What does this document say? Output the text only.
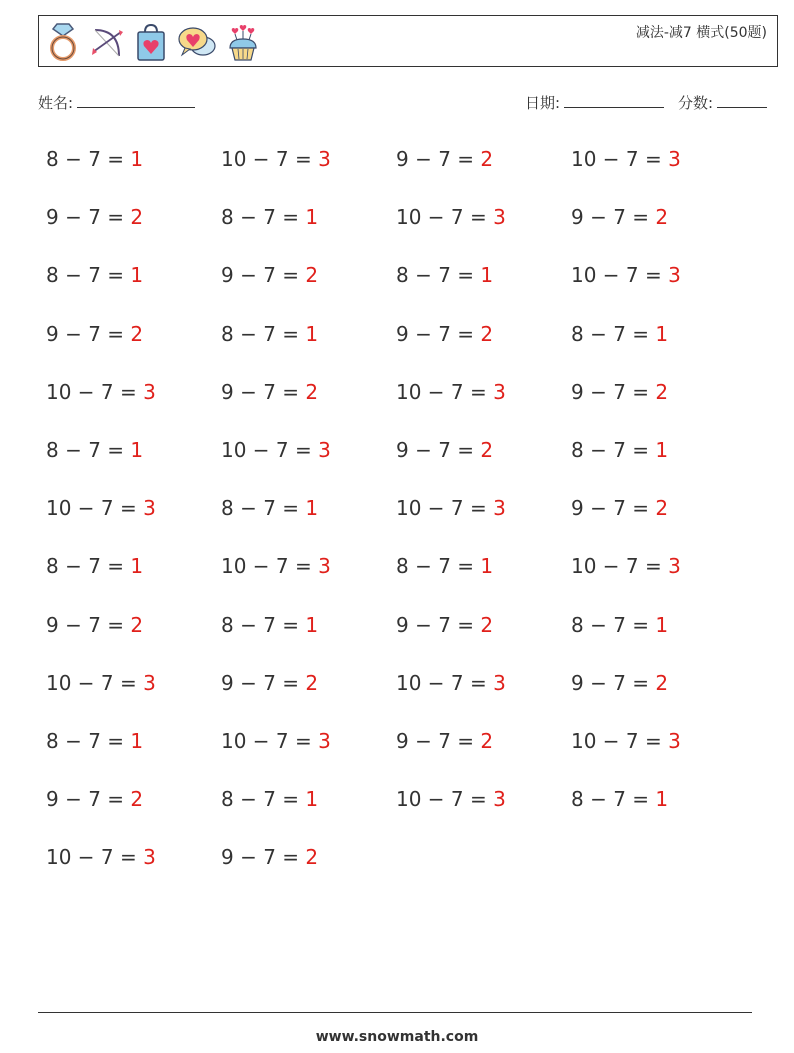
减法-减7 横式(50题)
姓名:	日期:	分数:
8 − 7 = 1	10 − 7 = 3	9 − 7 = 2	10 − 7 = 3
9 − 7 = 2	8 − 7 = 1	10 − 7 = 3	9 − 7 = 2
8 − 7 = 1	9 − 7 = 2	8 − 7 = 1	10 − 7 = 3
9 − 7 = 2	8 − 7 = 1	9 − 7 = 2	8 − 7 = 1
10 − 7 = 3	9 − 7 = 2	10 − 7 = 3	9 − 7 = 2
8 − 7 = 1	10 − 7 = 3	9 − 7 = 2	8 − 7 = 1
10 − 7 = 3	8 − 7 = 1	10 − 7 = 3	9 − 7 = 2
8 − 7 = 1	10 − 7 = 3	8 − 7 = 1	10 − 7 = 3
9 − 7 = 2	8 − 7 = 1	9 − 7 = 2	8 − 7 = 1
10 − 7 = 3	9 − 7 = 2	10 − 7 = 3	9 − 7 = 2
8 − 7 = 1	10 − 7 = 3	9 − 7 = 2	10 − 7 = 3
9 − 7 = 2	8 − 7 = 1	10 − 7 = 3	8 − 7 = 1
10 − 7 = 3	9 − 7 = 2
www.snowmath.com
